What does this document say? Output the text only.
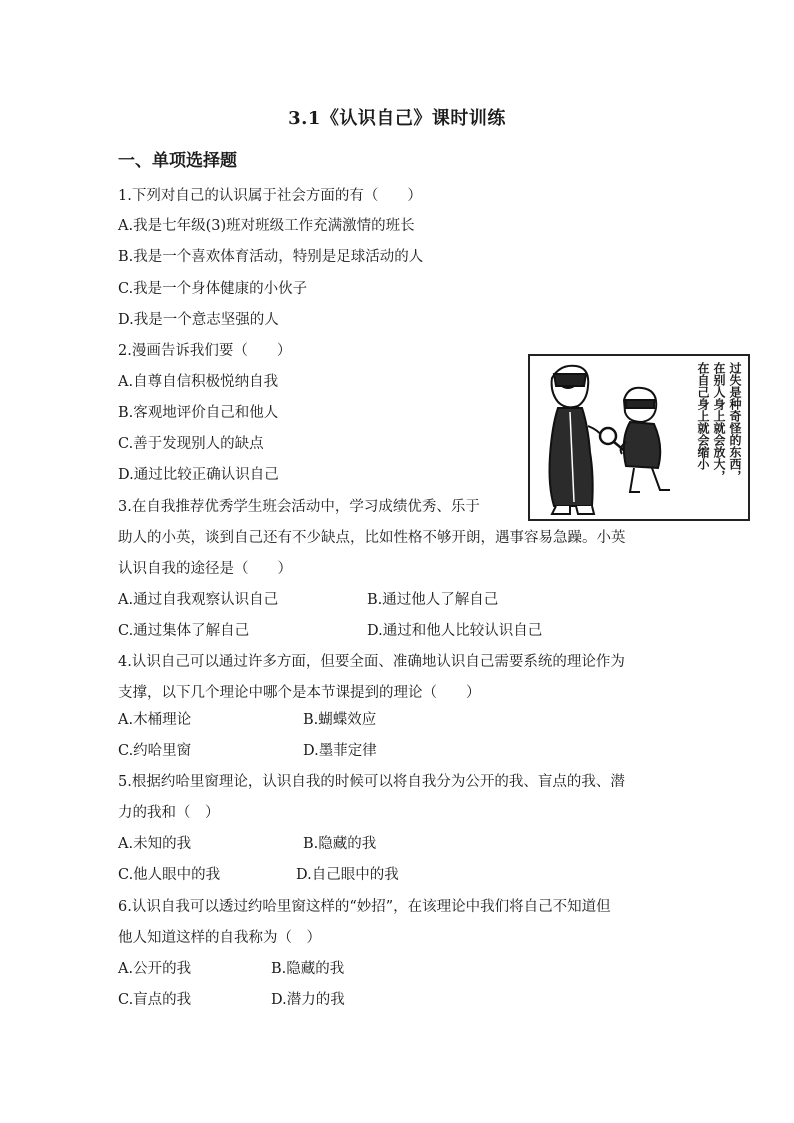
3.1《认识自己》课时训练
一、单项选择题
1.下列对自己的认识属于社会方面的有（　　）
A.我是七年级(3)班对班级工作充满激情的班长
B.我是一个喜欢体育活动，特别是足球活动的人
C.我是一个身体健康的小伙子
D.我是一个意志坚强的人
2.漫画告诉我们要（　　）
A.自尊自信积极悦纳自我
B.客观地评价自己和他人
C.善于发现别人的缺点
D.通过比较正确认识自己	过失是种奇怪的东西，
在别人身上就会放大，
在自己身上就会缩小
3.在自我推荐优秀学生班会活动中，学习成绩优秀、乐于
助人的小英，谈到自己还有不少缺点，比如性格不够开朗，遇事容易急躁。小英
认识自我的途径是（　　）
A.通过自我观察认识自己	B.通过他人了解自己
C.通过集体了解自己	D.通过和他人比较认识自己
4.认识自己可以通过许多方面，但要全面、准确地认识自己需要系统的理论作为
支撑，以下几个理论中哪个是本节课提到的理论（　　）
A.木桶理论	B.蝴蝶效应
C.约哈里窗	D.墨菲定律
5.根据约哈里窗理论，认识自我的时候可以将自我分为公开的我、盲点的我、潜
力的我和（　）
A.未知的我	B.隐藏的我
C.他人眼中的我	D.自己眼中的我
6.认识自我可以透过约哈里窗这样的“妙招”，在该理论中我们将自己不知道但
他人知道这样的自我称为（　）
A.公开的我	B.隐藏的我
C.盲点的我	D.潜力的我
